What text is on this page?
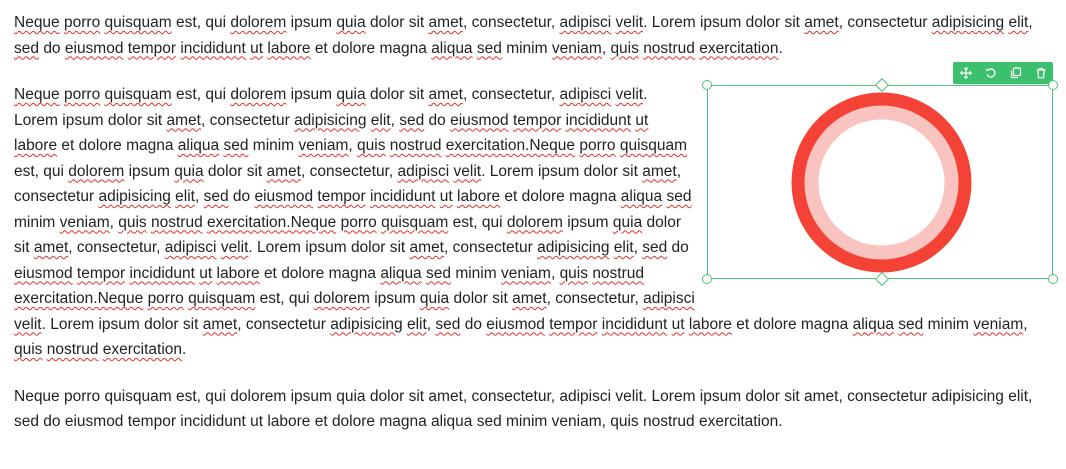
Neque porro quisquam est, qui dolorem ipsum quia dolor sit amet, consectetur, adipisci velit. Lorem ipsum dolor sit amet, consectetur adipisicing elit, sed do eiusmod tempor incididunt ut labore et dolore magna aliqua sed minim veniam, quis nostrud exercitation.

Neque porro quisquam est, qui dolorem ipsum quia dolor sit amet, consectetur, adipisci velit. Lorem ipsum dolor sit amet, consectetur adipisicing elit, sed do eiusmod tempor incididunt ut labore et dolore magna aliqua sed minim veniam, quis nostrud exercitation.Neque porro quisquam est, qui dolorem ipsum quia dolor sit amet, consectetur, adipisci velit. Lorem ipsum dolor sit amet, consectetur adipisicing elit, sed do eiusmod tempor incididunt ut labore et dolore magna aliqua sed minim veniam, quis nostrud exercitation.Neque porro quisquam est, qui dolorem ipsum quia dolor sit amet, consectetur, adipisci velit. Lorem ipsum dolor sit amet, consectetur adipisicing elit, sed do eiusmod tempor incididunt ut labore et dolore magna aliqua sed minim veniam, quis nostrud exercitation.Neque porro quisquam est, qui dolorem ipsum quia dolor sit amet, consectetur, adipisci velit. Lorem ipsum dolor sit amet, consectetur adipisicing elit, sed do eiusmod tempor incididunt ut labore et dolore magna aliqua sed minim veniam, quis nostrud exercitation.

Neque porro quisquam est, qui dolorem ipsum quia dolor sit amet, consectetur, adipisci velit. Lorem ipsum dolor sit amet, consectetur adipisicing elit, sed do eiusmod tempor incididunt ut labore et dolore magna aliqua sed minim veniam, quis nostrud exercitation.
